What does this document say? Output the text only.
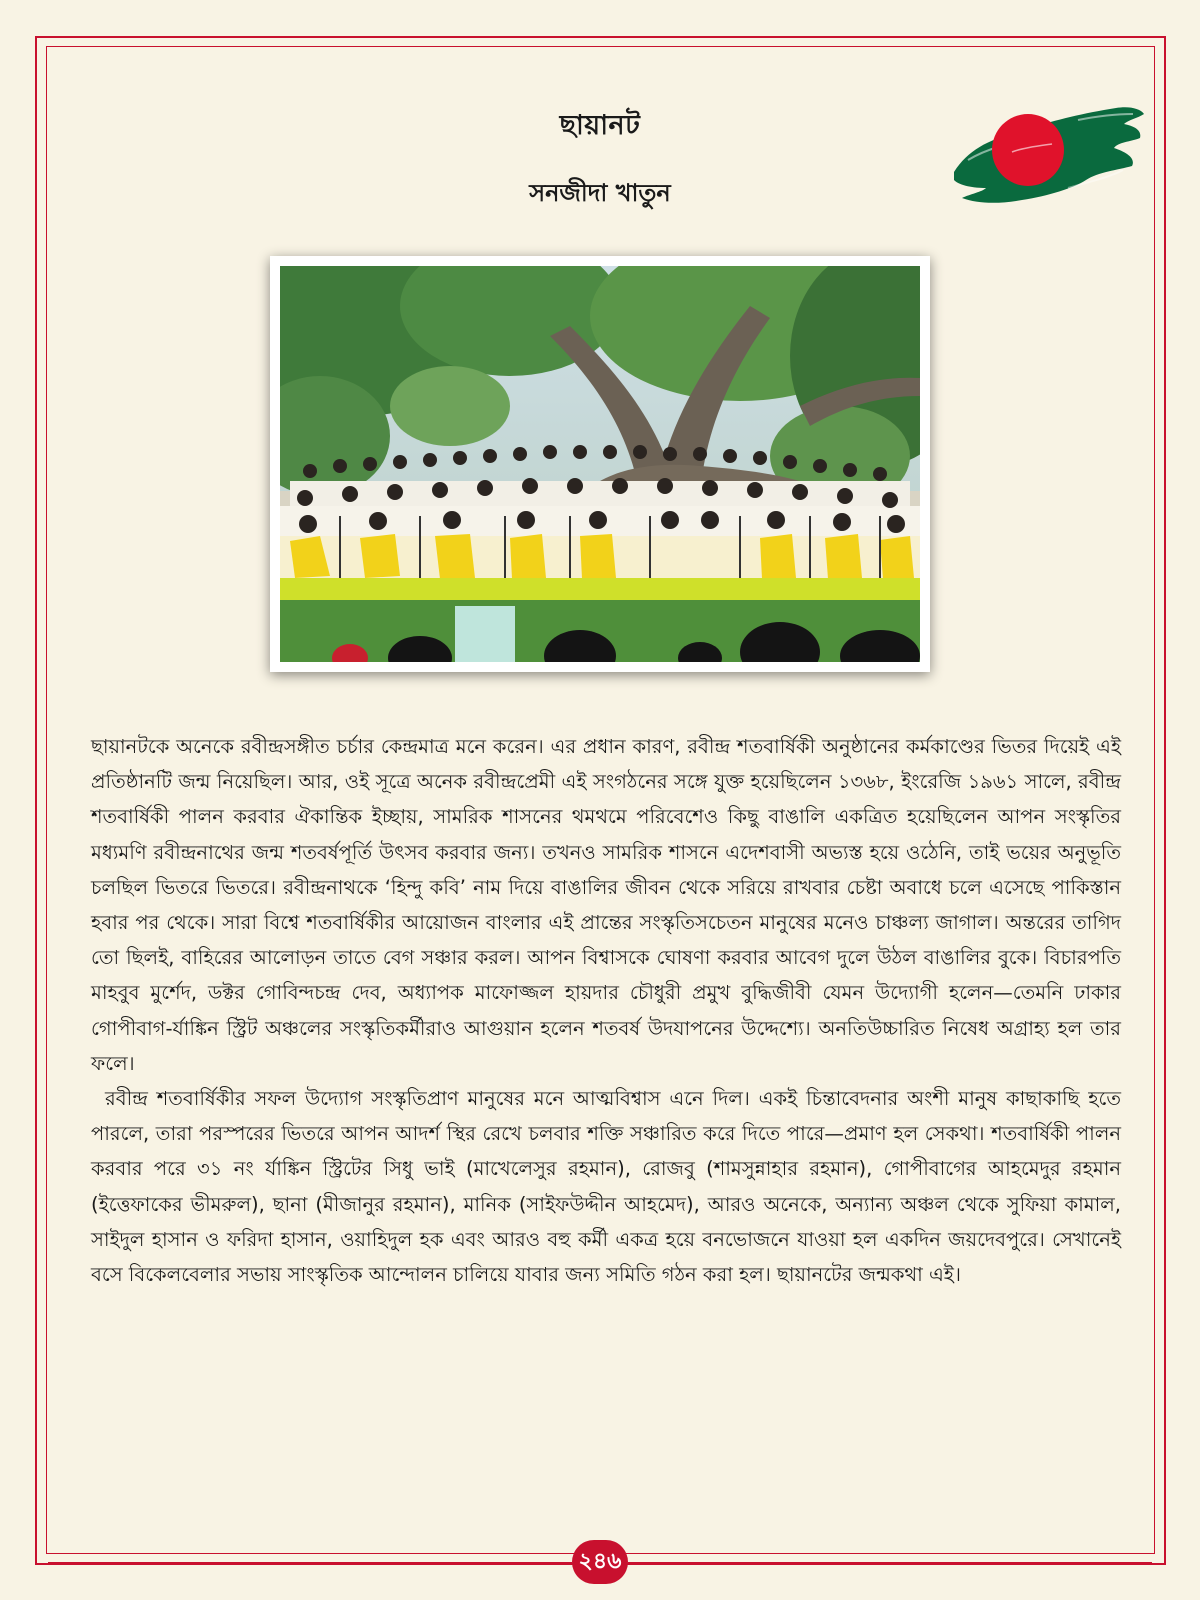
ছায়ানট
সনজীদা খাতুন

ছায়ানটকে অনেকে রবীন্দ্রসঙ্গীত চর্চার কেন্দ্রমাত্র মনে করেন। এর প্রধান কারণ, রবীন্দ্র শতবার্ষিকী অনুষ্ঠানের কর্মকাণ্ডের ভিতর দিয়েই এই প্রতিষ্ঠানটি জন্ম নিয়েছিল। আর, ওই সূত্রে অনেক রবীন্দ্রপ্রেমী এই সংগঠনের সঙ্গে যুক্ত হয়েছিলেন ১৩৬৮, ইংরেজি ১৯৬১ সালে, রবীন্দ্র শতবার্ষিকী পালন করবার ঐকান্তিক ইচ্ছায়, সামরিক শাসনের থমথমে পরিবেশেও কিছু বাঙালি একত্রিত হয়েছিলেন আপন সংস্কৃতির মধ্যমণি রবীন্দ্রনাথের জন্ম শতবর্ষপূর্তি উৎসব করবার জন্য। তখনও সামরিক শাসনে এদেশবাসী অভ্যস্ত হয়ে ওঠেনি, তাই ভয়ের অনুভূতি চলছিল ভিতরে ভিতরে। রবীন্দ্রনাথকে ‘হিন্দু কবি’ নাম দিয়ে বাঙালির জীবন থেকে সরিয়ে রাখবার চেষ্টা অবাধে চলে এসেছে পাকিস্তান হবার পর থেকে। সারা বিশ্বে শতবার্ষিকীর আয়োজন বাংলার এই প্রান্তের সংস্কৃতিসচেতন মানুষের মনেও চাঞ্চল্য জাগাল। অন্তরের তাগিদ তো ছিলই, বাহিরের আলোড়ন তাতে বেগ সঞ্চার করল। আপন বিশ্বাসকে ঘোষণা করবার আবেগ দুলে উঠল বাঙালির বুকে। বিচারপতি মাহবুব মুর্শেদ, ডক্টর গোবিন্দচন্দ্র দেব, অধ্যাপক মাফোজ্জল হায়দার চৌধুরী প্রমুখ বুদ্ধিজীবী যেমন উদ্যোগী হলেন—তেমনি ঢাকার গোপীবাগ-র্যাঙ্কিন স্ট্রিট অঞ্চলের সংস্কৃতিকর্মীরাও আগুয়ান হলেন শতবর্ষ উদযাপনের উদ্দেশ্যে। অনতিউচ্চারিত নিষেধ অগ্রাহ্য হল তার ফলে।

রবীন্দ্র শতবার্ষিকীর সফল উদ্যোগ সংস্কৃতিপ্রাণ মানুষের মনে আত্মবিশ্বাস এনে দিল। একই চিন্তাবেদনার অংশী মানুষ কাছাকাছি হতে পারলে, তারা পরস্পরের ভিতরে আপন আদর্শ স্থির রেখে চলবার শক্তি সঞ্চারিত করে দিতে পারে—প্রমাণ হল সেকথা। শতবার্ষিকী পালন করবার পরে ৩১ নং র্যাঙ্কিন স্ট্রিটের সিধু ভাই (মাখেলেসুর রহমান), রোজবু (শামসুন্নাহার রহমান), গোপীবাগের আহমেদুর রহমান (ইত্তেফাকের ভীমরুল), ছানা (মীজানুর রহমান), মানিক (সাইফউদ্দীন আহমেদ), আরও অনেকে, অন্যান্য অঞ্চল থেকে সুফিয়া কামাল, সাইদুল হাসান ও ফরিদা হাসান, ওয়াহিদুল হক এবং আরও বহু কর্মী একত্র হয়ে বনভোজনে যাওয়া হল একদিন জয়দেবপুরে। সেখানেই বসে বিকেলবেলার সভায় সাংস্কৃতিক আন্দোলন চালিয়ে যাবার জন্য সমিতি গঠন করা হল। ছায়ানটের জন্মকথা এই।

২৪৬
